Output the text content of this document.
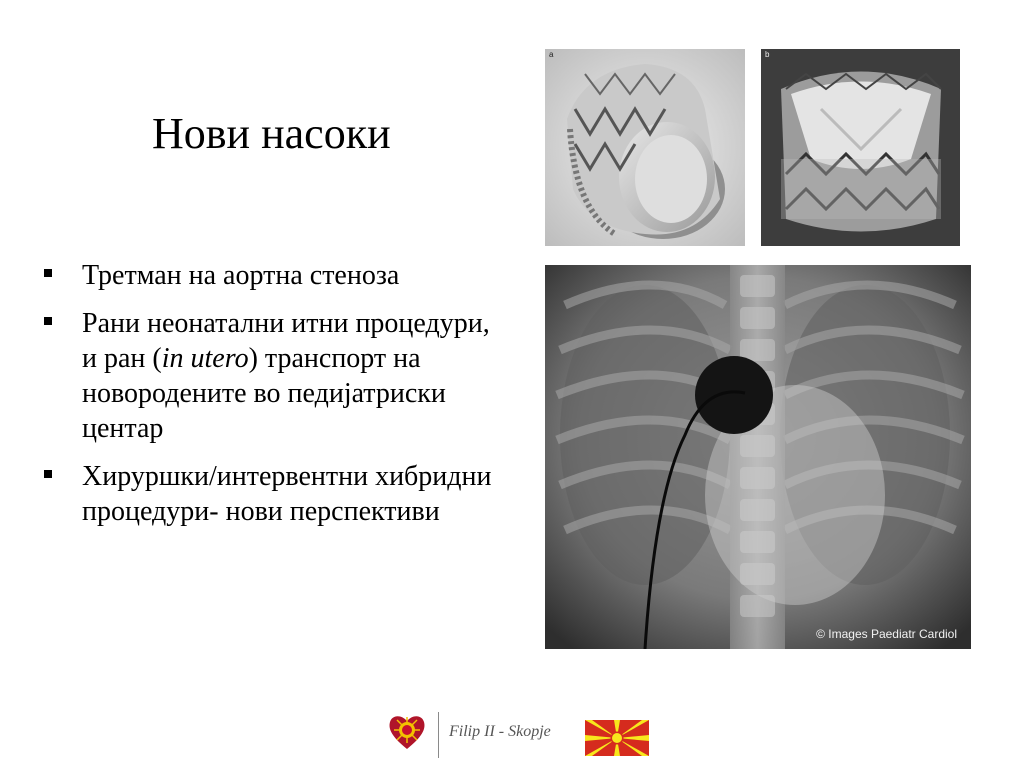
Нови насоки
Третман на аортна стеноза
Рани неонатални итни процедури, и ран (in utero) транспорт на новородените во педијатриски центар
Хируршки/интервентни хибридни процедури- нови перспективи
a	b
© Images Paediatr Cardiol
Filip II - Skopje
